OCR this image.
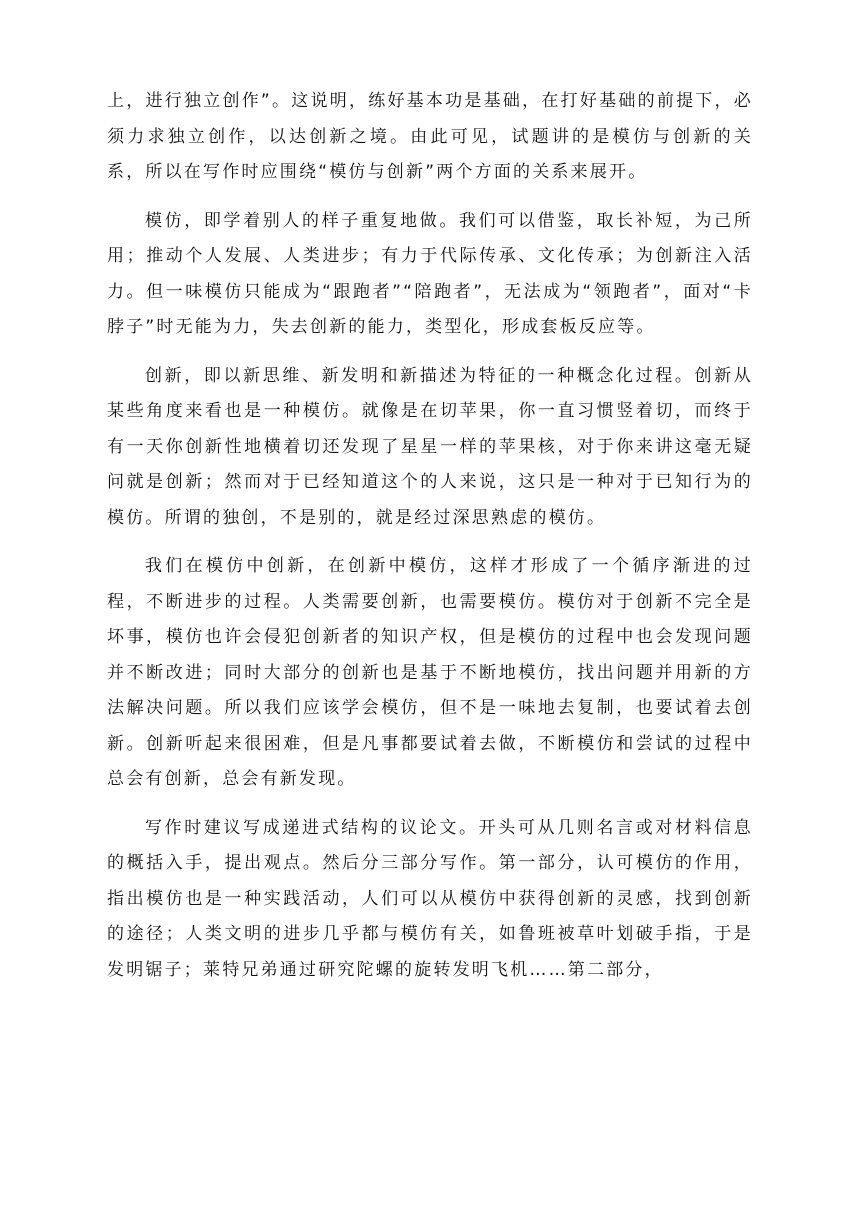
上，进行独立创作”。这说明，练好基本功是基础，在打好基础的前提下，必须力求独立创作，以达创新之境。由此可见，试题讲的是模仿与创新的关系，所以在写作时应围绕“模仿与创新”两个方面的关系来展开。

模仿，即学着别人的样子重复地做。我们可以借鉴，取长补短，为己所用；推动个人发展、人类进步；有力于代际传承、文化传承；为创新注入活力。但一味模仿只能成为“跟跑者”“陪跑者”，无法成为“领跑者”，面对“卡脖子”时无能为力，失去创新的能力，类型化，形成套板反应等。

创新，即以新思维、新发明和新描述为特征的一种概念化过程。创新从某些角度来看也是一种模仿。就像是在切苹果，你一直习惯竖着切，而终于有一天你创新性地横着切还发现了星星一样的苹果核，对于你来讲这毫无疑问就是创新；然而对于已经知道这个的人来说，这只是一种对于已知行为的模仿。所谓的独创，不是别的，就是经过深思熟虑的模仿。

我们在模仿中创新，在创新中模仿，这样才形成了一个循序渐进的过程，不断进步的过程。人类需要创新，也需要模仿。模仿对于创新不完全是坏事，模仿也许会侵犯创新者的知识产权，但是模仿的过程中也会发现问题并不断改进；同时大部分的创新也是基于不断地模仿，找出问题并用新的方法解决问题。所以我们应该学会模仿，但不是一味地去复制，也要试着去创新。创新听起来很困难，但是凡事都要试着去做，不断模仿和尝试的过程中总会有创新，总会有新发现。

写作时建议写成递进式结构的议论文。开头可从几则名言或对材料信息的概括入手，提出观点。然后分三部分写作。第一部分，认可模仿的作用，指出模仿也是一种实践活动，人们可以从模仿中获得创新的灵感，找到创新的途径；人类文明的进步几乎都与模仿有关，如鲁班被草叶划破手指，于是发明锯子；莱特兄弟通过研究陀螺的旋转发明飞机……第二部分，
